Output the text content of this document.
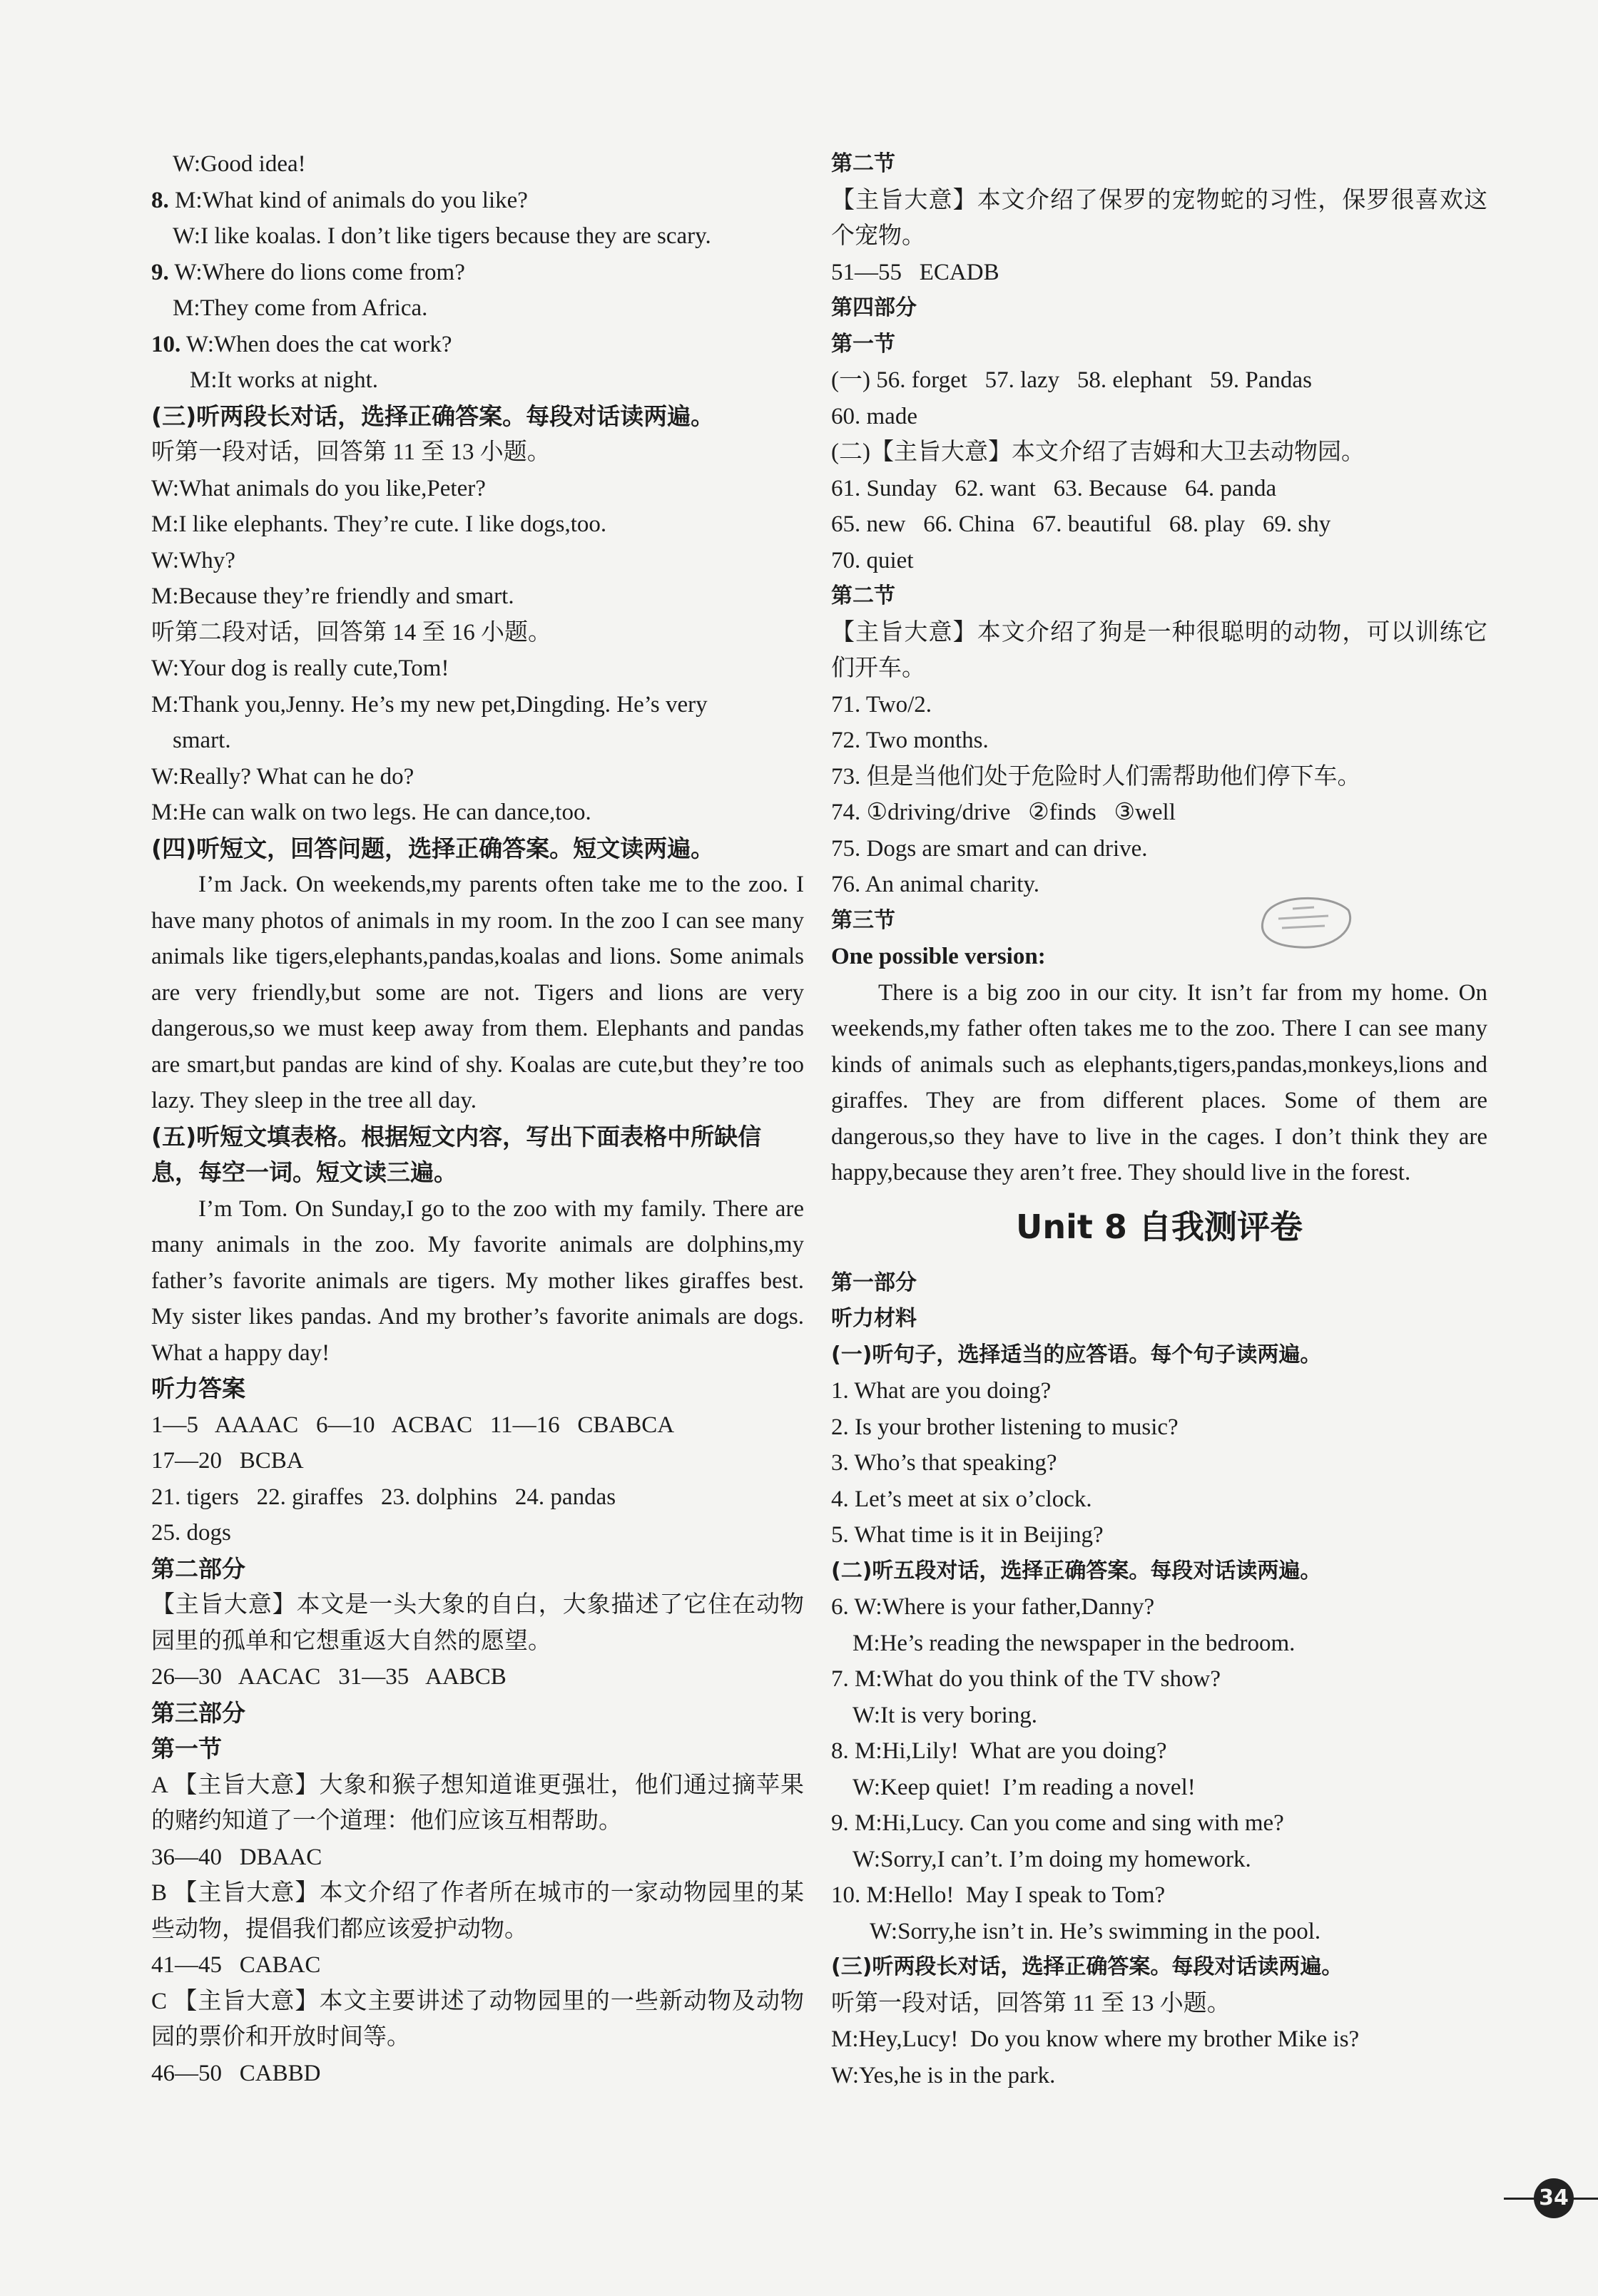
W:Good idea!
8. M:What kind of animals do you like?
W:I like koalas. I don’t like tigers because they are scary.
9. W:Where do lions come from?
M:They come from Africa.
10. W:When does the cat work?
M:It works at night.
(三)听两段长对话，选择正确答案。每段对话读两遍。
听第一段对话，回答第 11 至 13 小题。
W:What animals do you like,Peter?
M:I like elephants. They’re cute. I like dogs,too.
W:Why?
M:Because they’re friendly and smart.
听第二段对话，回答第 14 至 16 小题。
W:Your dog is really cute,Tom!
M:Thank you,Jenny. He’s my new pet,Dingding. He’s very
smart.
W:Really? What can he do?
M:He can walk on two legs. He can dance,too.
(四)听短文，回答问题，选择正确答案。短文读两遍。
I’m Jack. On weekends,my parents often take me to the zoo. I have many photos of animals in my room. In the zoo I can see many animals like tigers,elephants,pandas,koalas and lions. Some animals are very friendly,but some are not. Tigers and lions are very dangerous,so we must keep away from them. Elephants and pandas are smart,but pandas are kind of shy. Koalas are cute,but they’re too lazy. They sleep in the tree all day.
(五)听短文填表格。根据短文内容，写出下面表格中所缺信息，每空一词。短文读三遍。
I’m Tom. On Sunday,I go to the zoo with my family. There are many animals in the zoo. My favorite animals are dolphins,my father’s favorite animals are tigers. My mother likes giraffes best. My sister likes pandas. And my brother’s favorite animals are dogs. What a happy day!
听力答案
1—5   AAAAC   6—10   ACBAC   11—16   CBABCA
17—20   BCBA
21. tigers   22. giraffes   23. dolphins   24. pandas
25. dogs
第二部分
【主旨大意】本文是一头大象的自白，大象描述了它住在动物园里的孤单和它想重返大自然的愿望。
26—30   AACAC   31—35   AABCB
第三部分
第一节
A 【主旨大意】大象和猴子想知道谁更强壮，他们通过摘苹果的赌约知道了一个道理：他们应该互相帮助。
36—40   DBAAC
B 【主旨大意】本文介绍了作者所在城市的一家动物园里的某些动物，提倡我们都应该爱护动物。
41—45   CABAC
C 【主旨大意】本文主要讲述了动物园里的一些新动物及动物园的票价和开放时间等。
46—50   CABBD
第二节
【主旨大意】本文介绍了保罗的宠物蛇的习性，保罗很喜欢这个宠物。
51—55   ECADB
第四部分
第一节
(一) 56. forget   57. lazy   58. elephant   59. Pandas
60. made
(二)【主旨大意】本文介绍了吉姆和大卫去动物园。
61. Sunday   62. want   63. Because   64. panda
65. new   66. China   67. beautiful   68. play   69. shy
70. quiet
第二节
【主旨大意】本文介绍了狗是一种很聪明的动物，可以训练它们开车。
71. Two/2.
72. Two months.
73. 但是当他们处于危险时人们需帮助他们停下车。
74. ①driving/drive   ②finds   ③well
75. Dogs are smart and can drive.
76. An animal charity.
第三节
One possible version:
There is a big zoo in our city. It isn’t far from my home. On weekends,my father often takes me to the zoo. There I can see many kinds of animals such as elephants,tigers,pandas,monkeys,lions and giraffes. They are from different places. Some of them are dangerous,so they have to live in the cages. I don’t think they are happy,because they aren’t free. They should live in the forest.
Unit 8 自我测评卷
第一部分
听力材料
(一)听句子，选择适当的应答语。每个句子读两遍。
1. What are you doing?
2. Is your brother listening to music?
3. Who’s that speaking?
4. Let’s meet at six o’clock.
5. What time is it in Beijing?
(二)听五段对话，选择正确答案。每段对话读两遍。
6. W:Where is your father,Danny?
M:He’s reading the newspaper in the bedroom.
7. M:What do you think of the TV show?
W:It is very boring.
8. M:Hi,Lily!  What are you doing?
W:Keep quiet!  I’m reading a novel!
9. M:Hi,Lucy. Can you come and sing with me?
W:Sorry,I can’t. I’m doing my homework.
10. M:Hello!  May I speak to Tom?
W:Sorry,he isn’t in. He’s swimming in the pool.
(三)听两段长对话，选择正确答案。每段对话读两遍。
听第一段对话，回答第 11 至 13 小题。
M:Hey,Lucy!  Do you know where my brother Mike is?
W:Yes,he is in the park.
34
